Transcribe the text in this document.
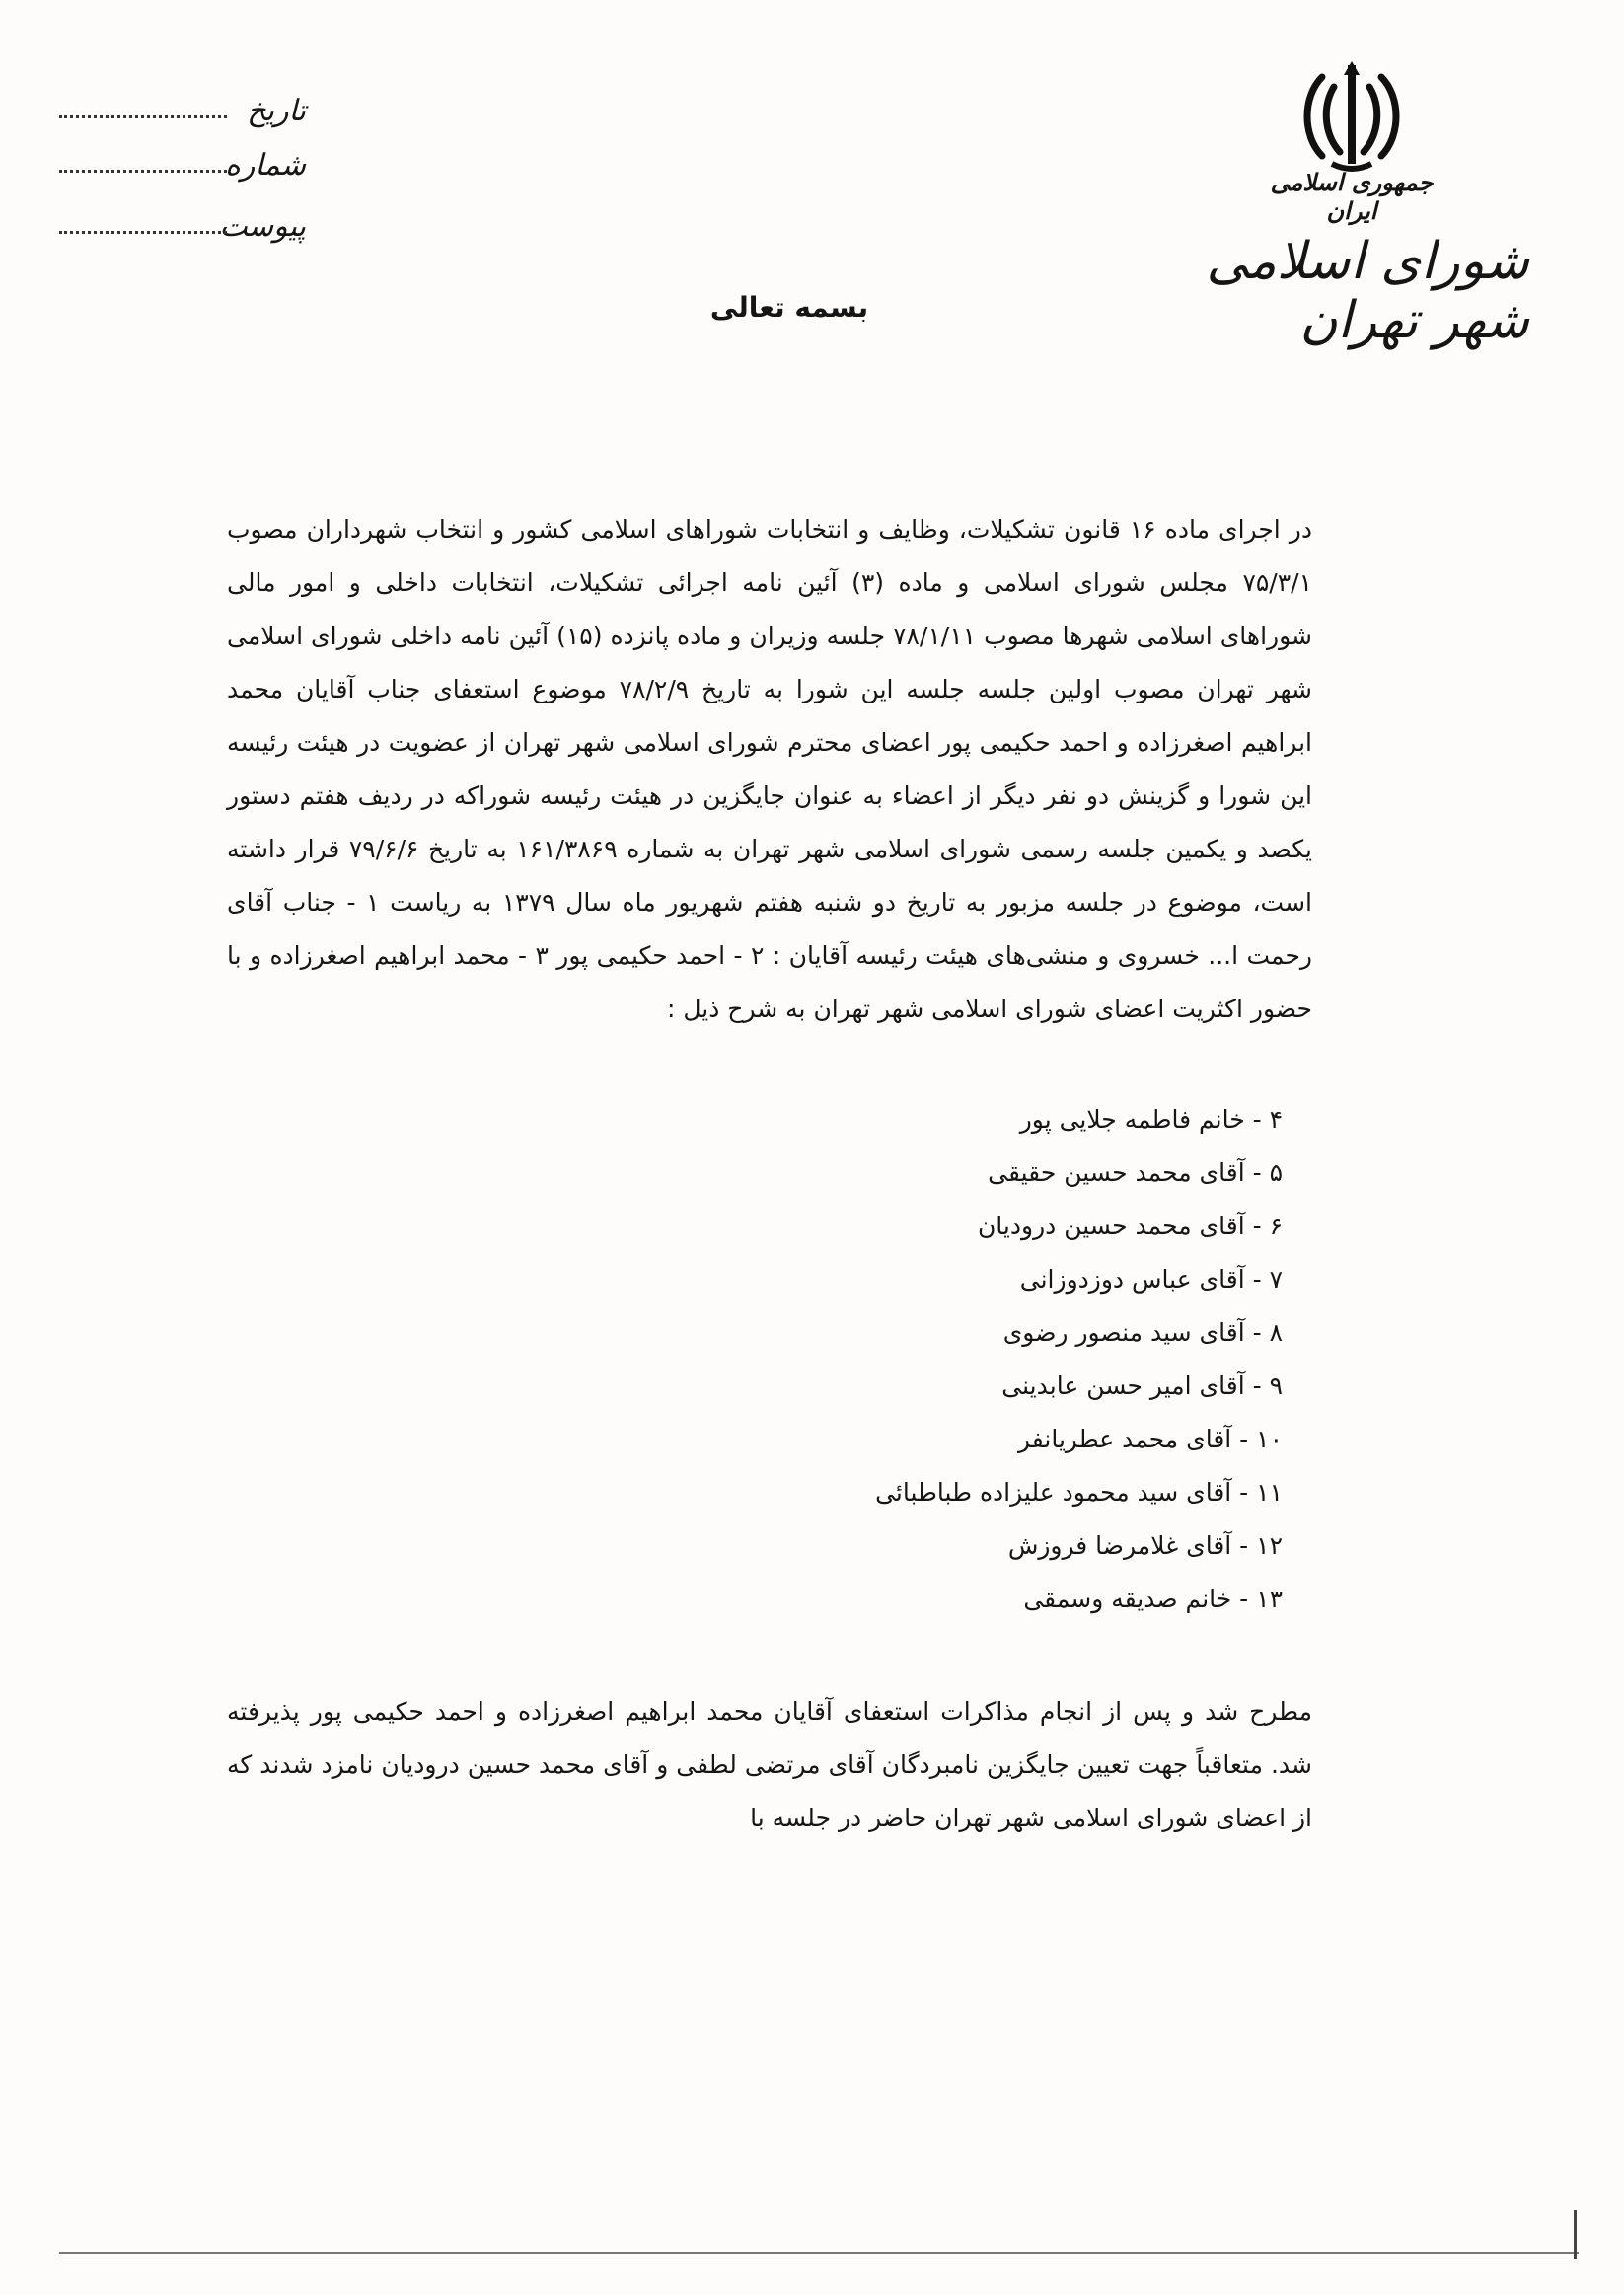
جمهوری اسلامی ایران
شورای اسلامی شهر تهران
تاریخ
شماره
پیوست
بسمه تعالی
در اجرای ماده ۱۶ قانون تشکیلات، وظایف و انتخابات شوراهای اسلامی کشور و انتخاب شهرداران مصوب ۷۵/۳/۱ مجلس شورای اسلامی و ماده (۳) آئین نامه اجرائی تشکیلات، انتخابات داخلی و امور مالی شوراهای اسلامی شهرها مصوب ۷۸/۱/۱۱ جلسه وزیران و ماده پانزده (۱۵) آئین نامه داخلی شورای اسلامی شهر تهران مصوب اولین جلسه جلسه این شورا به تاریخ ۷۸/۲/۹ موضوع استعفای جناب آقایان محمد ابراهیم اصغرزاده و احمد حکیمی پور اعضای محترم شورای اسلامی شهر تهران از عضویت در هیئت رئیسه این شورا و گزینش دو نفر دیگر از اعضاء به عنوان جایگزین در هیئت رئیسه شوراکه در ردیف هفتم دستور یکصد و یکمین جلسه رسمی شورای اسلامی شهر تهران به شماره ۱۶۱/۳۸۶۹ به تاریخ ۷۹/۶/۶ قرار داشته است، موضوع در جلسه مزبور به تاریخ دو شنبه هفتم شهریور ماه سال ۱۳۷۹ به ریاست ۱ - جناب آقای رحمت ا... خسروی و منشی‌های هیئت رئیسه آقایان : ۲ - احمد حکیمی پور ۳ - محمد ابراهیم اصغرزاده و با حضور اکثریت اعضای شورای اسلامی شهر تهران به شرح ذیل :
۴ - خانم فاطمه جلایی پور
۵ - آقای محمد حسین حقیقی
۶ - آقای محمد حسین درودیان
۷ - آقای عباس دوزدوزانی
۸ - آقای سید منصور رضوی
۹ - آقای امیر حسن عابدینی
۱۰ - آقای محمد عطریانفر
۱۱ - آقای سید محمود علیزاده طباطبائی
۱۲ - آقای غلامرضا فروزش
۱۳ - خانم صدیقه وسمقی
مطرح شد و پس از انجام مذاکرات استعفای آقایان محمد ابراهیم اصغرزاده و احمد حکیمی پور پذیرفته شد. متعاقباً جهت تعیین جایگزین نامبردگان آقای مرتضی لطفی و آقای محمد حسین درودیان نامزد شدند که از اعضای شورای اسلامی شهر تهران حاضر در جلسه با
